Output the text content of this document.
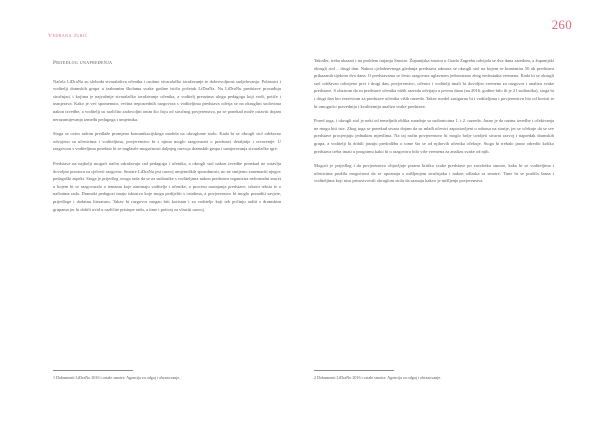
260
Vedrana Jurić
Prijedlog unapređenja

Načela LiDraNa su sloboda stvaralaštva učenika i osobno stvaralačko izražavanje te dobrovoljnost sudjelovanja. Polaznici i voditelji dramskih grupa u izabranim školama svake godine ističu početak LiDraNa. Na LiDraNu predstave prosuđuju stručnjaci i kojima je najvažnije stvaralačko izražavanje učenika, a voditelj preuzima ulogu pedagoga koji vodi, potiče i usmjerava. Kako je već spomenuto, većina neposrednih razgovora s voditeljima predstava odvija se na okruglim stolovima nakon izvedbe, a voditelji su različito zadovoljni onim što čuju od stručnog povjerenstva, pa se ponekad može ostaviti dojam nerazumijevanja između pedagoga i umjetnika.

Stoga se ovim radom predlaže promjena komunikacijskoga modela na okruglome stolu. Kada bi se okrugli stol održavao odvojeno sa učenicima i voditeljima, povjerenstvo bi s njima moglo razgovarati o predstavi detaljnije i otvorenije. U razgovoru s voditeljima posebno bi se naglasile mogućnosti daljnjeg razvoja dramskih grupa i usmjeravanja stvaralačke igre.

Predstave na najbolji mogući način odražavaju rad pedagoga i učenika, a okrugli stol nakon izvedbe ponekad ne ostavlja dovoljno prostora za cjelovit razgovor. Smotre LiDraNa jest razvoj umjetničkih sposobnosti, no ne smijemo zanemariti njegov pedagoški aspekt. Stoga je prijedlog ovoga rada da se za sudionike s voditeljima nakon predstava organizira neformalni susret u kojem bi se razgovaralo o temama koje zanimaju voditelje i učenike, o procesu nastajanja predstave, izboru teksta te o načinima rada. Dramski pedagozi imaju iskustva koje mogu podijeliti s ostalima, a povjerenstvo bi moglo ponuditi savjete, prijedloge i dodatnu literaturu. Takav bi razgovor mogao biti koristan i za voditelje koji tek počinju raditi s dramskim grupama jer bi dobili uvid u različite pristupe radu, a time i poticaj za vlastiti razvoj.

Također, treba ukazati i na problem trajanja Smotre. Županijska smotra u Gradu Zagrebu odvijala se dva dana zaredom, a županijski okrugli stol – drugi dan. Nakon cjelodnevnoga gledanja predstava odmora se okrugli stol na kojem se komentira 50 ak predstava prikazanih tijekom dva dana. O predstavama se često razgovara uglavnom jednostrano zbog nedostatka vremena. Kada bi se okrugli stol održavao odvojeno prvi i drugi dan, povjerenstvo, učenici i voditelji imali bi dovoljno vremena za razgovor i analizu svake predstave. S obzirom da su predstave učenika nižih razreda odvijaju u prvom danu (na 2016. godine bilo ih je 21 sudionika), stoga bi i drugi dan bio rezerviran za predstave učenika viših razreda. Takav model zasigurno bi i voditeljima i povjerenstvu bio od koristi te bi omogućio pravedniju i kvalitetniju analizu svake predstave.

Pored toga, i okrugli stol je neki od temeljnih oblika suradnje sa sudionicima 1. i 2. razreda. Jasno je da razina izvedbe i očekivanja ne mogu biti iste. Zbog toga se ponekad stvara dojam da su mlađi učenici zapostavljeni u odnosu na starije, jer se očekuje da se sve predstave procjenjuju jednakim mjerilima. Na taj način povjerenstvo bi moglo bolje uvidjeti stvarni razvoj i napredak dramskih grupa, a voditelji bi dobili jasniju predodžbu o tome što se od njihovih učenika očekuje. Stoga bi trebalo jasno odrediti koliko predstava treba imati u programu kako bi u razgovoru bilo više vremena za analizu svake od njih.

Mogući je prijedlog i da povjerenstvo objavljuje pisanu kritiku svake predstave po završetku smotre, kako bi se voditeljima i učenicima pružila mogućnost da se upoznaju s mišljenjem stručnjaka i nakon odlaska sa smotre. Time bi se pružila šansa i voditeljima koji nisu prisustvovali okruglom stolu da saznaju kakvo je mišljenje povjerenstva.

1 Dokumenti LiDraNo 2016 i ostale smotre. Agencija za odgoj i obrazovanje.	2 Dokumenti LiDraNo 2016 i ostale smotre. Agencija za odgoj i obrazovanje.
